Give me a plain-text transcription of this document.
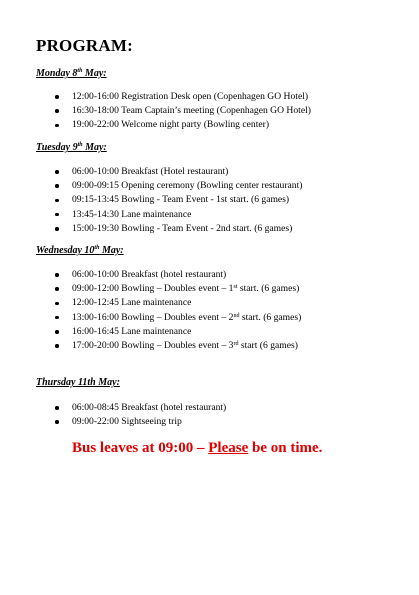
PROGRAM:
Monday 8th May:
12:00-16:00 Registration Desk open (Copenhagen GO Hotel)
16:30-18:00 Team Captain’s meeting (Copenhagen GO Hotel)
19:00-22:00 Welcome night party (Bowling center)
Tuesday 9th May:
06:00-10:00 Breakfast (Hotel restaurant)
09:00-09:15 Opening ceremony (Bowling center restaurant)
09:15-13:45 Bowling - Team Event - 1st start. (6 games)
13:45-14:30 Lane maintenance
15:00-19:30 Bowling - Team Event - 2nd start. (6 games)
Wednesday 10th May:
06:00-10:00 Breakfast (hotel restaurant)
09:00-12:00 Bowling – Doubles event – 1st start. (6 games)
12:00-12:45 Lane maintenance
13:00-16:00 Bowling – Doubles event – 2nd start. (6 games)
16:00-16:45 Lane maintenance
17:00-20:00 Bowling – Doubles event – 3rd start (6 games)
Thursday 11th May:
06:00-08:45 Breakfast (hotel restaurant)
09:00-22:00 Sightseeing trip
Bus leaves at 09:00 – Please be on time.
